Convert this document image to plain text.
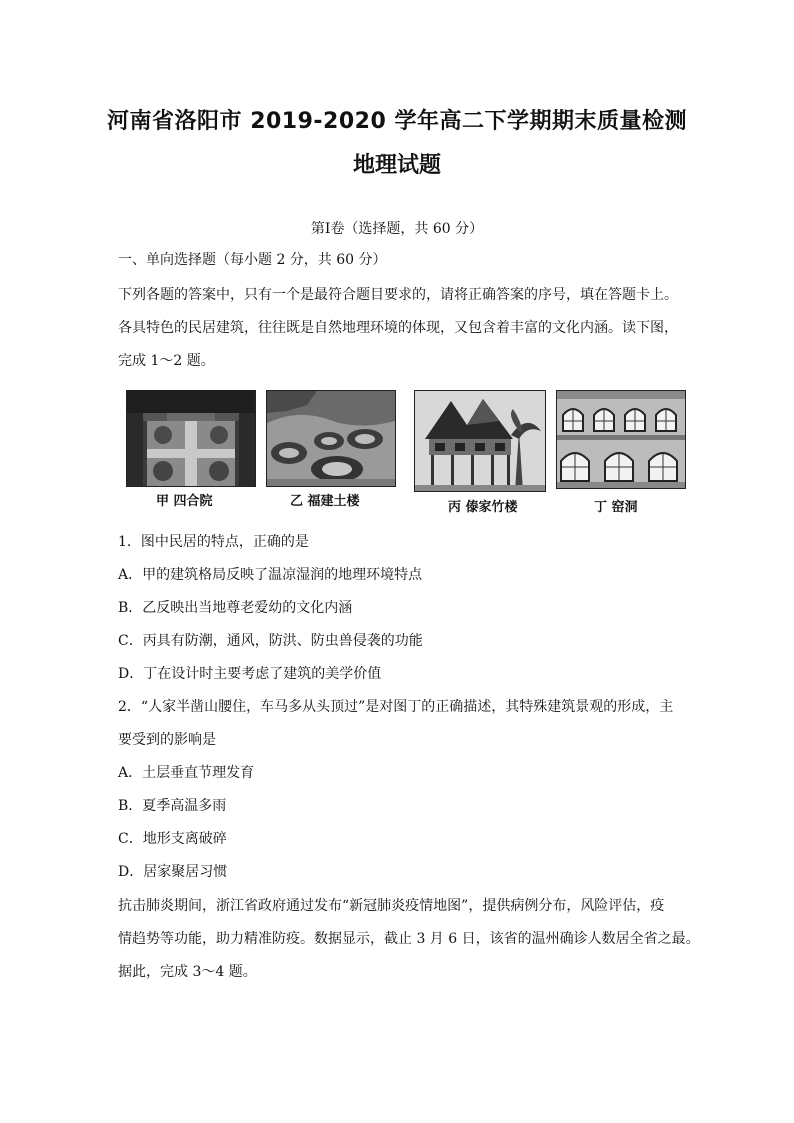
河南省洛阳市 2019-2020 学年高二下学期期末质量检测
地理试题
第Ⅰ卷（选择题，共 60 分）
一、单向选择题（每小题 2 分，共 60 分）
下列各题的答案中，只有一个是最符合题目要求的，请将正确答案的序号，填在答题卡上。
各具特色的民居建筑，往往既是自然地理环境的体现，又包含着丰富的文化内涵。读下图，
完成 1～2 题。
甲 四合院	乙 福建土楼	丙 傣家竹楼	丁 窑洞
1．图中民居的特点，正确的是
A．甲的建筑格局反映了温凉湿润的地理环境特点
B．乙反映出当地尊老爱幼的文化内涵
C．丙具有防潮，通风，防洪、防虫兽侵袭的功能
D．丁在设计时主要考虑了建筑的美学价值
2．“人家半凿山腰住，车马多从头顶过”是对图丁的正确描述，其特殊建筑景观的形成，主
要受到的影响是
A．土层垂直节理发育
B．夏季高温多雨
C．地形支离破碎
D．居家聚居习惯
抗击肺炎期间，浙江省政府通过发布“新冠肺炎疫情地图”，提供病例分布，风险评估，疫
情趋势等功能，助力精准防疫。数据显示，截止 3 月 6 日，该省的温州确诊人数居全省之最。
据此，完成 3～4 题。
